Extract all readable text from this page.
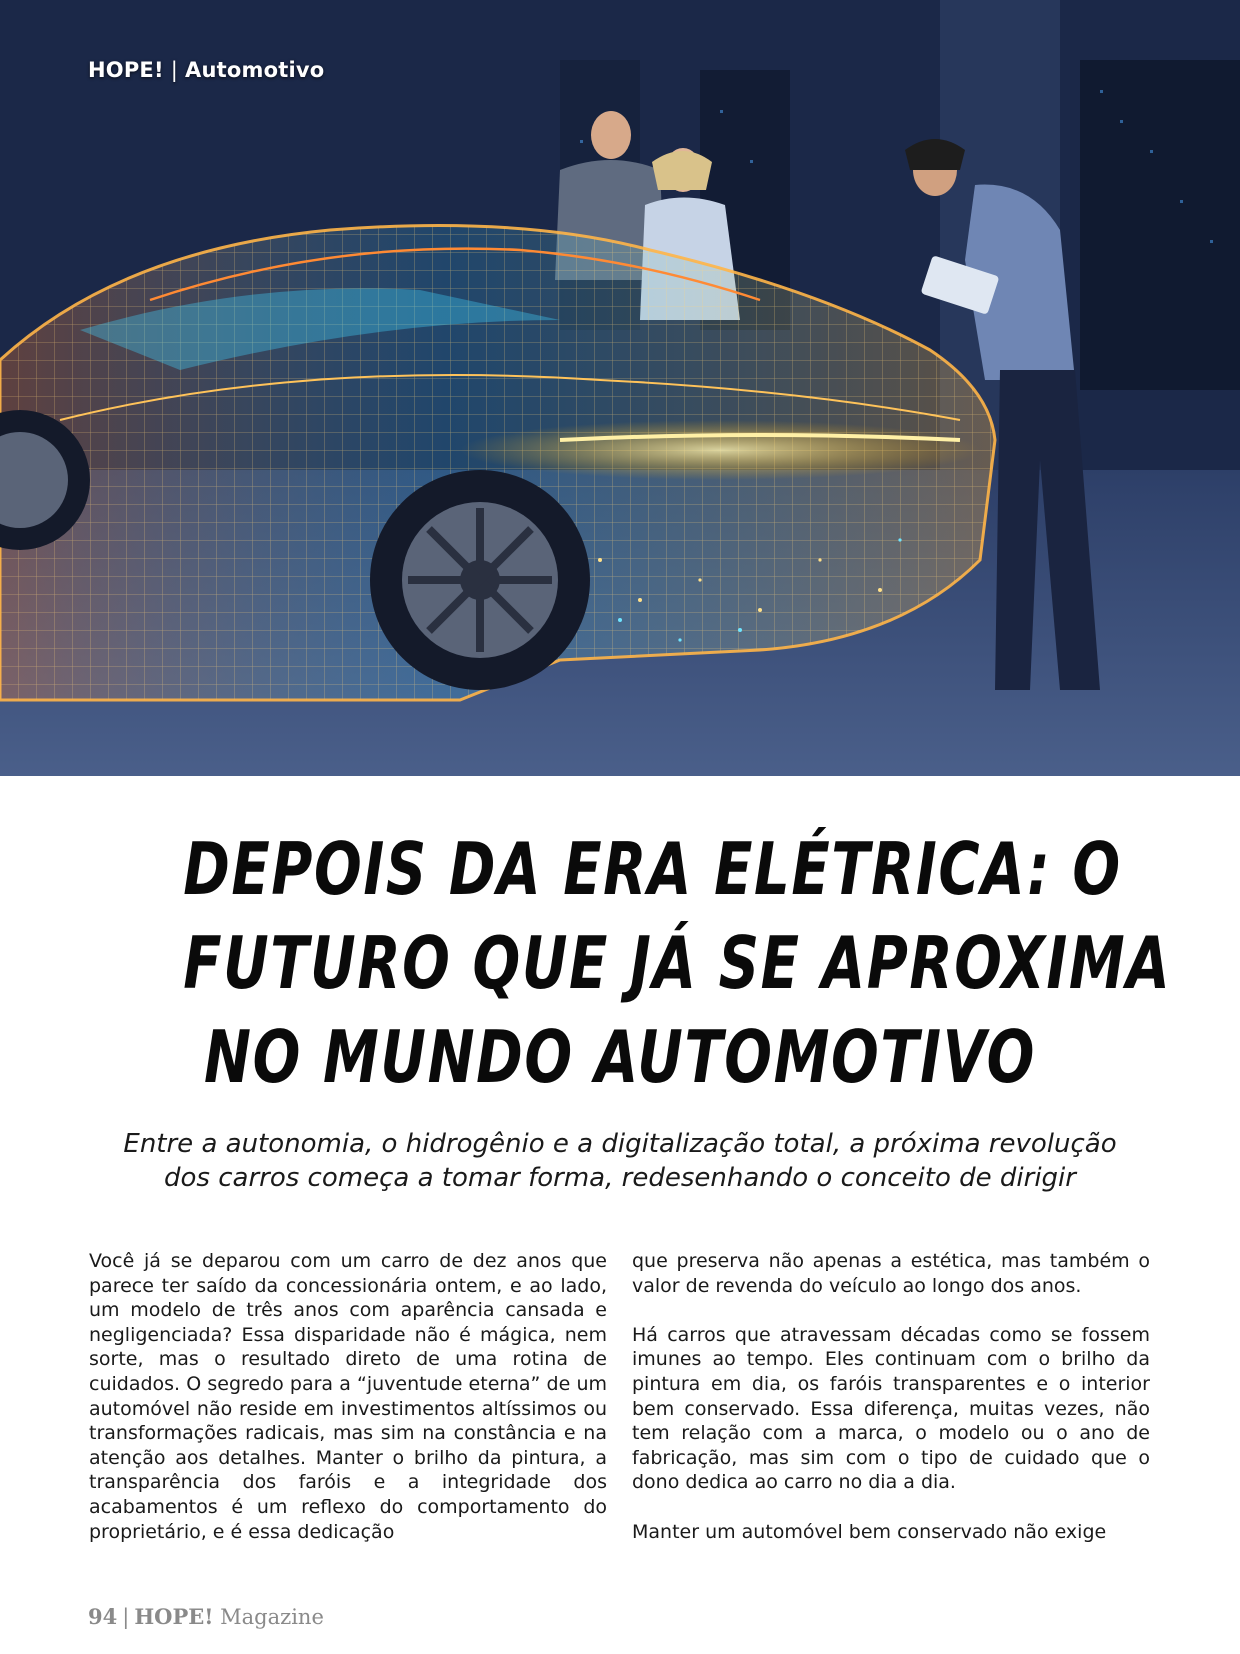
HOPE! | Automotivo
DEPOIS DA ERA ELÉTRICA: O
FUTURO QUE JÁ SE APROXIMA
NO MUNDO AUTOMOTIVO
Entre a autonomia, o hidrogênio e a digitalização total, a próxima revolução
dos carros começa a tomar forma, redesenhando o conceito de dirigir

Você já se deparou com um carro de dez anos que parece ter saído da concessionária ontem, e ao lado, um modelo de três anos com aparência cansada e negligenciada? Essa disparidade não é mágica, nem sorte, mas o resultado direto de uma rotina de cuidados. O segredo para a “juventude eterna” de um automóvel não reside em investimentos altíssimos ou transformações radicais, mas sim na constância e na atenção aos detalhes. Manter o brilho da pintura, a transparência dos faróis e a integridade dos acabamentos é um reflexo do comportamento do proprietário, e é essa dedicação

que preserva não apenas a estética, mas também o valor de revenda do veículo ao longo dos anos.

Há carros que atravessam décadas como se fossem imunes ao tempo. Eles continuam com o brilho da pintura em dia, os faróis transparentes e o interior bem conservado. Essa diferença, muitas vezes, não tem relação com a marca, o modelo ou o ano de fabricação, mas sim com o tipo de cuidado que o dono dedica ao carro no dia a dia.

Manter um automóvel bem conservado não exige

94 | HOPE! Magazine
